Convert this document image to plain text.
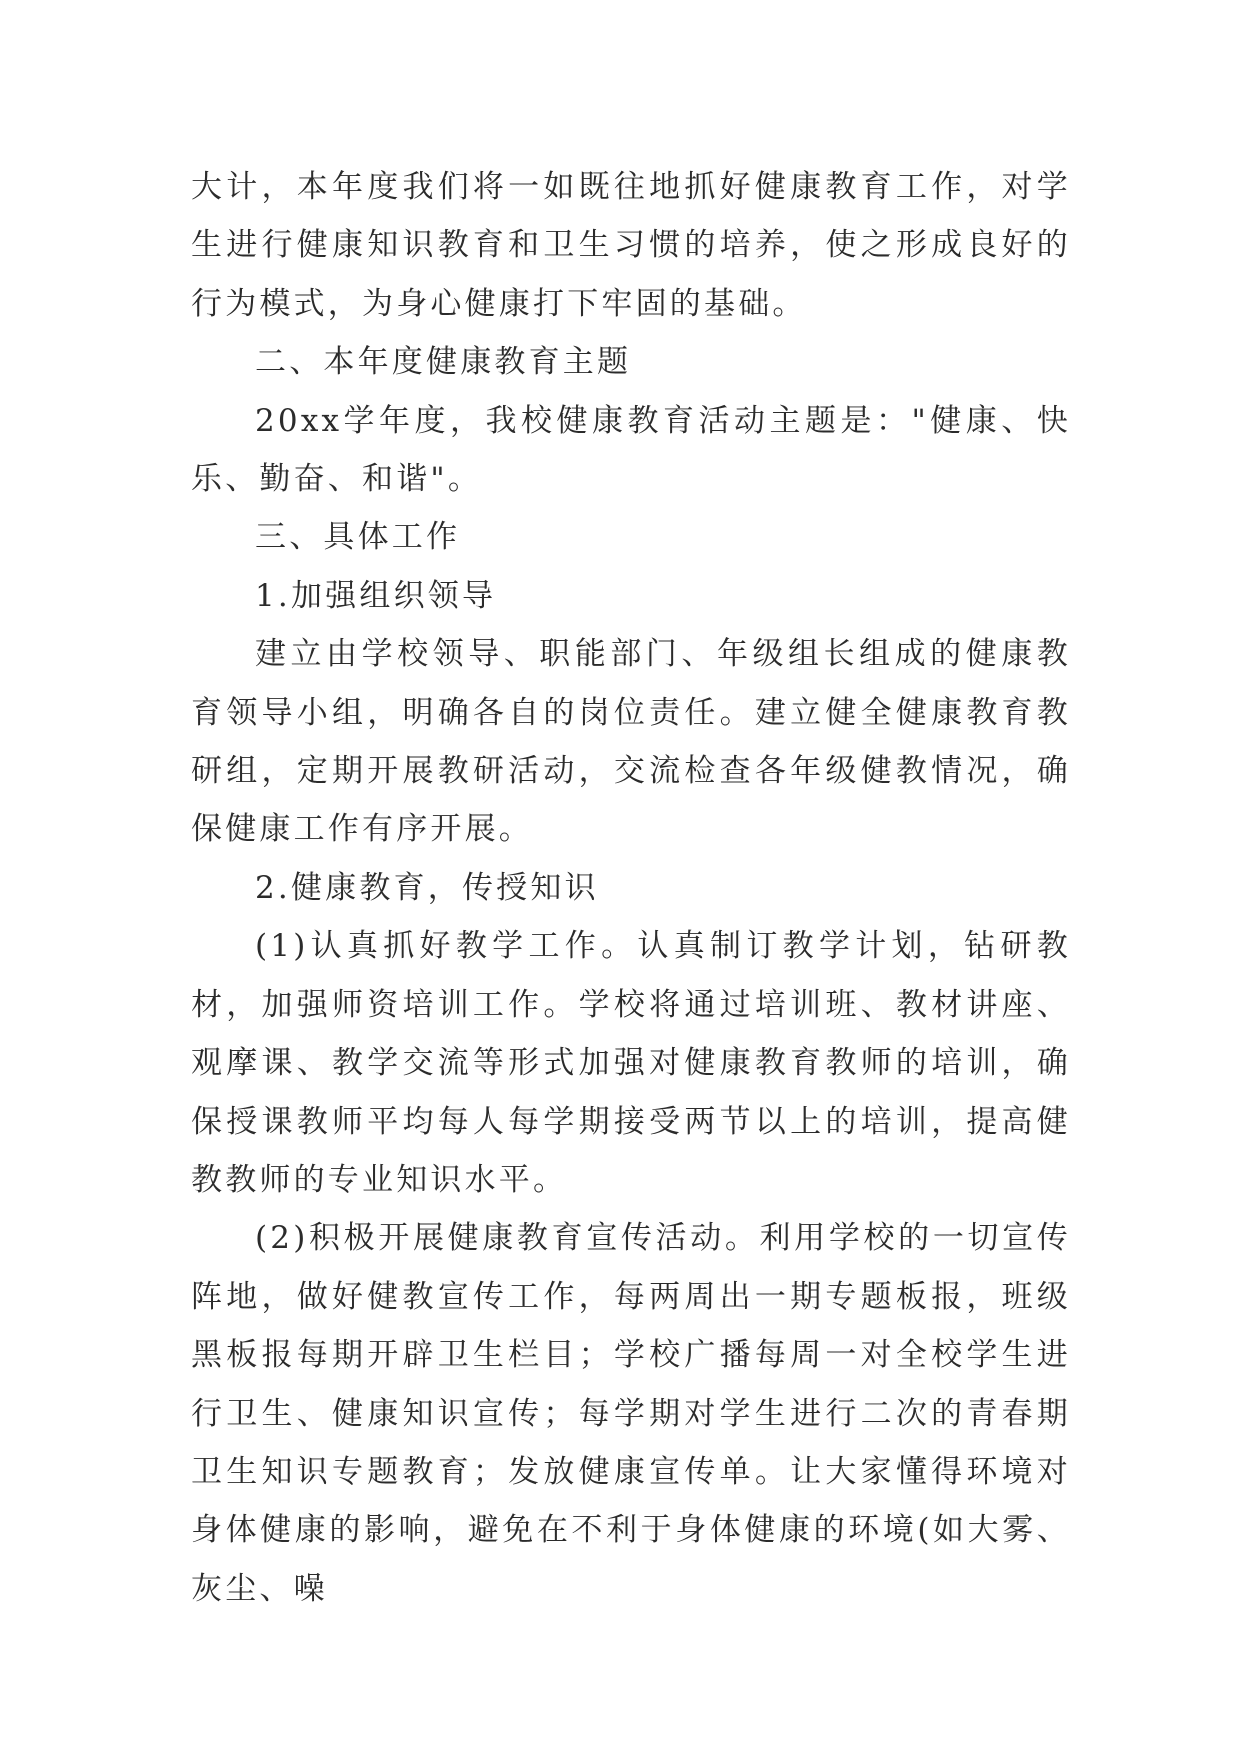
大计，本年度我们将一如既往地抓好健康教育工作，对学生进行健康知识教育和卫生习惯的培养，使之形成良好的行为模式，为身心健康打下牢固的基础。

二、本年度健康教育主题

20xx学年度，我校健康教育活动主题是："健康、快乐、勤奋、和谐"。

三、具体工作

1.加强组织领导

建立由学校领导、职能部门、年级组长组成的健康教育领导小组，明确各自的岗位责任。建立健全健康教育教研组，定期开展教研活动，交流检查各年级健教情况，确保健康工作有序开展。

2.健康教育，传授知识

(1)认真抓好教学工作。认真制订教学计划，钻研教材，加强师资培训工作。学校将通过培训班、教材讲座、观摩课、教学交流等形式加强对健康教育教师的培训，确保授课教师平均每人每学期接受两节以上的培训，提高健教教师的专业知识水平。

(2)积极开展健康教育宣传活动。利用学校的一切宣传阵地，做好健教宣传工作，每两周出一期专题板报，班级黑板报每期开辟卫生栏目；学校广播每周一对全校学生进行卫生、健康知识宣传；每学期对学生进行二次的青春期卫生知识专题教育；发放健康宣传单。让大家懂得环境对身体健康的影响，避免在不利于身体健康的环境(如大雾、灰尘、噪
